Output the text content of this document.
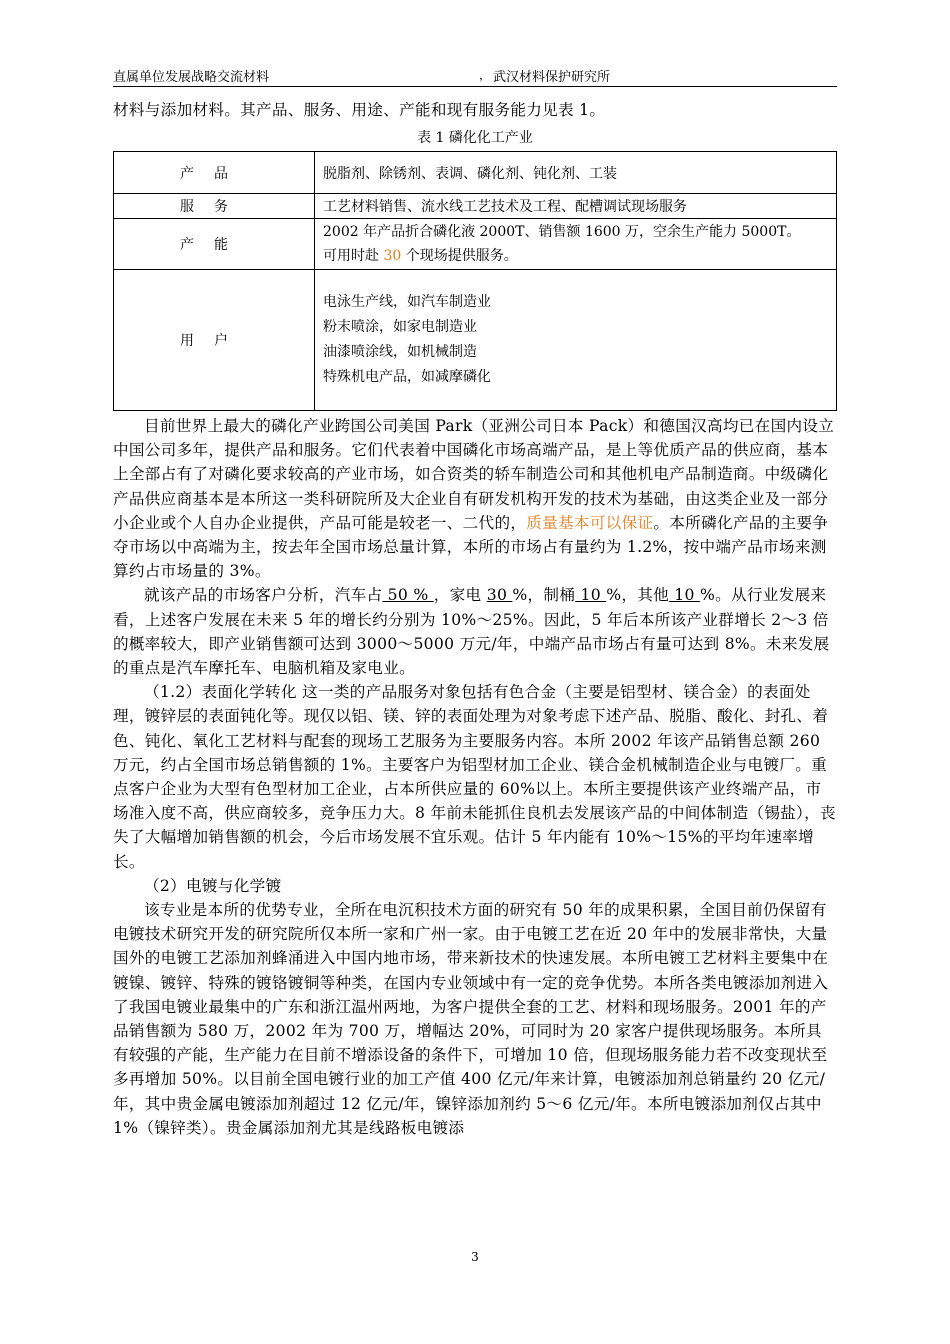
直属单位发展战略交流材料	， 武汉材料保护研究所
材料与添加材料。其产品、服务、用途、产能和现有服务能力见表 1。
表 1 磷化化工产业
产品	脱脂剂、除锈剂、表调、磷化剂、钝化剂、工装
服务	工艺材料销售、流水线工艺技术及工程、配槽调试现场服务
产能	2002 年产品折合磷化液 2000T、销售额 1600 万，空余生产能力 5000T。
可用时赴 30 个现场提供服务。

用户	电泳生产线，如汽车制造业
粉末喷涂，如家电制造业
油漆喷涂线，如机械制造
特殊机电产品，如减摩磷化

目前世界上最大的磷化产业跨国公司美国 Park（亚洲公司日本 Pack）和德国汉高均已在国内设立中国公司多年，提供产品和服务。它们代表着中国磷化市场高端产品，是上等优质产品的供应商，基本上全部占有了对磷化要求较高的产业市场，如合资类的轿车制造公司和其他机电产品制造商。中级磷化产品供应商基本是本所这一类科研院所及大企业自有研发机构开发的技术为基础，由这类企业及一部分小企业或个人自办企业提供，产品可能是较老一、二代的，质量基本可以保证。本所磷化产品的主要争夺市场以中高端为主，按去年全国市场总量计算，本所的市场占有量约为 1.2%，按中端产品市场来测算约占市场量的 3%。

就该产品的市场客户分析，汽车占 50 % ，家电 30 %，制桶 10 %，其他 10 %。从行业发展来看，上述客户发展在未来 5 年的增长约分别为 10%～25%。因此，5 年后本所该产业群增长 2～3 倍的概率较大，即产业销售额可达到 3000～5000 万元/年，中端产品市场占有量可达到 8%。未来发展的重点是汽车摩托车、电脑机箱及家电业。

（1.2）表面化学转化 这一类的产品服务对象包括有色合金（主要是铝型材、镁合金）的表面处理，镀锌层的表面钝化等。现仅以铝、镁、锌的表面处理为对象考虑下述产品、脱脂、酸化、封孔、着色、钝化、氧化工艺材料与配套的现场工艺服务为主要服务内容。本所 2002 年该产品销售总额 260 万元，约占全国市场总销售额的 1%。主要客户为铝型材加工企业、镁合金机械制造企业与电镀厂。重点客户企业为大型有色型材加工企业，占本所供应量的 60%以上。本所主要提供该产业终端产品，市场准入度不高，供应商较多，竞争压力大。8 年前未能抓住良机去发展该产品的中间体制造（锡盐），丧失了大幅增加销售额的机会，今后市场发展不宜乐观。估计 5 年内能有 10%～15%的平均年速率增长。

（2）电镀与化学镀

该专业是本所的优势专业，全所在电沉积技术方面的研究有 50 年的成果积累，全国目前仍保留有电镀技术研究开发的研究院所仅本所一家和广州一家。由于电镀工艺在近 20 年中的发展非常快，大量国外的电镀工艺添加剂蜂涌进入中国内地市场，带来新技术的快速发展。本所电镀工艺材料主要集中在镀镍、镀锌、特殊的镀铬镀铜等种类，在国内专业领域中有一定的竞争优势。本所各类电镀添加剂进入了我国电镀业最集中的广东和浙江温州两地，为客户提供全套的工艺、材料和现场服务。2001 年的产品销售额为 580 万，2002 年为 700 万，增幅达 20%，可同时为 20 家客户提供现场服务。本所具有较强的产能，生产能力在目前不增添设备的条件下，可增加 10 倍，但现场服务能力若不改变现状至多再增加 50%。以目前全国电镀行业的加工产值 400 亿元/年来计算，电镀添加剂总销量约 20 亿元/年，其中贵金属电镀添加剂超过 12 亿元/年，镍锌添加剂约 5～6 亿元/年。本所电镀添加剂仅占其中 1%（镍锌类）。贵金属添加剂尤其是线路板电镀添

3
